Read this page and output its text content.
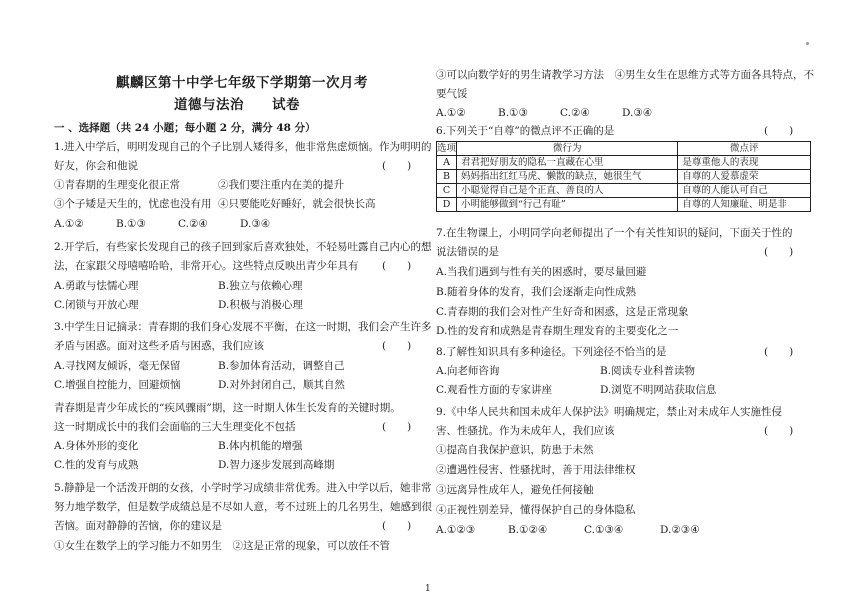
麒麟区第十中学七年级下学期第一次月考
道德与法治　　试卷
一 、选择题（共 24 小题；每小题 2 分，满分 48 分）
1.进入中学后，明明发现自己的个子比别人矮得多，他非常焦虑烦恼。作为明明的
好友，你会和他说	(　　)
①青春期的生理变化很正常	②我们要注重内在美的提升
③个子矮是天生的，忧虑也没有用 ④只要能吃好睡好，就会很快长高
A.①②	B.①③	C.②④	D.③④
2.开学后，有些家长发现自己的孩子回到家后喜欢独处，不轻易吐露自己内心的想
法，在家跟父母嘻嘻哈哈，非常开心。这些特点反映出青少年具有 (　　)
A.勇敢与怯懦心理	B.独立与依赖心理
C.闭锁与开放心理	D.积极与消极心理
3.中学生日记摘录：青春期的我们身心发展不平衡，在这一时期，我们会产生许多
矛盾与困惑。面对这些矛盾与困惑，我们应该	(　　)
A.寻找网友倾诉，毫无保留	B.参加体育活动，调整自己
C.增强自控能力，回避烦恼	D.对外封闭自己，顺其自然
青春期是青少年成长的“疾风骤雨”期，这一时期人体生长发育的关键时期。
这一时期成长中的我们会面临的三大生理变化不包括	(　　)
A.身体外形的变化	B.体内机能的增强
C.性的发育与成熟	D.智力逐步发展到高峰期
5.静静是一个活泼开朗的女孩，小学时学习成绩非常优秀。进入中学以后，她非常
努力地学数学，但是数学成绩总是不尽如人意，考不过班上的几名男生，她感到很
苦恼。面对静静的苦恼，你的建议是	(　　)
①女生在数学上的学习能力不如男生　②这是正常的现象，可以放任不管
③可以向数学好的男生请教学习方法　④男生女生在思维方式等方面各具特点，不
要气馁
A.①②	B.①③	C.②④	D.③④
6.下列关于“自尊”的微点评不正确的是	(　　)
选项	微行为	微点评
A	君君把好朋友的隐私一直藏在心里	是尊重他人的表现
B	妈妈指出红红马虎、懒散的缺点，她很生气	自尊的人爱慕虚荣
C	小聪觉得自己是个正直、善良的人	自尊的人能认可自己
D	小明能够做到“行己有耻”	自尊的人知廉耻、明是非
7.在生物课上，小明同学向老师提出了一个有关性知识的疑问，下面关于性的
说法错误的是	(　　)
A.当我们遇到与性有关的困惑时，要尽量回避
B.随着身体的发育，我们会逐渐走向性成熟
C.青春期的我们会对性产生好奇和困惑，这是正常现象
D.性的发育和成熟是青春期生理发育的主要变化之一
8.了解性知识具有多种途径。下列途径不恰当的是	(　　)
A.向老师咨询	B.阅读专业科普读物
C.观看性方面的专家讲座	D.浏览不明网站获取信息
9.《中华人民共和国未成年人保护法》明确规定，禁止对未成年人实施性侵
害、性骚扰。作为未成年人，我们应该	(　　)
①提高自我保护意识，防患于未然
②遭遇性侵害、性骚扰时，善于用法律维权
③远离异性成年人，避免任何接触
④正视性别差异，懂得保护自己的身体隐私
A.①②③	B.①②④	C.①③④	D.②③④
1
